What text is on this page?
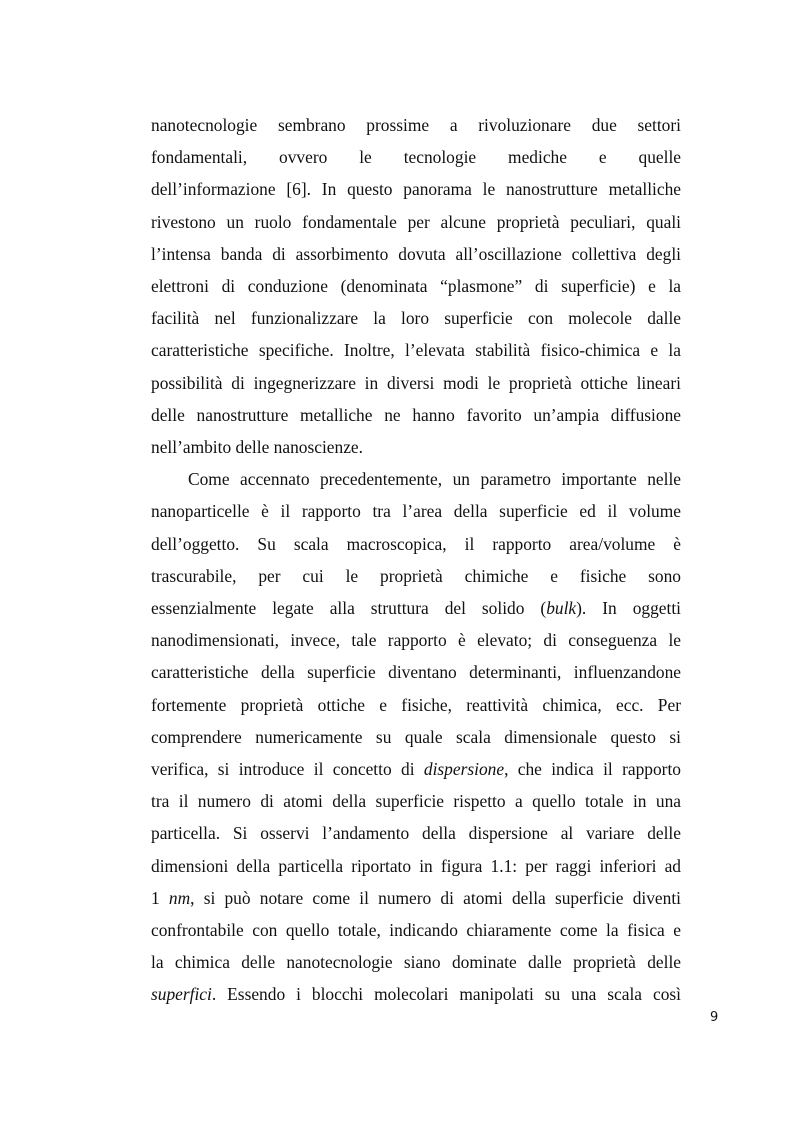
nanotecnologie sembrano prossime a rivoluzionare due settori
fondamentali, ovvero le tecnologie mediche e quelle
dell’informazione [6]. In questo panorama le nanostrutture metalliche
rivestono un ruolo fondamentale per alcune proprietà peculiari, quali
l’intensa banda di assorbimento dovuta all’oscillazione collettiva degli
elettroni di conduzione (denominata “plasmone” di superficie) e la
facilità nel funzionalizzare la loro superficie con molecole dalle
caratteristiche specifiche. Inoltre, l’elevata stabilità fisico-chimica e la
possibilità di ingegnerizzare in diversi modi le proprietà ottiche lineari
delle nanostrutture metalliche ne hanno favorito un’ampia diffusione
nell’ambito delle nanoscienze.

Come accennato precedentemente, un parametro importante nelle
nanoparticelle è il rapporto tra l’area della superficie ed il volume
dell’oggetto. Su scala macroscopica, il rapporto area/volume è
trascurabile, per cui le proprietà chimiche e fisiche sono
essenzialmente legate alla struttura del solido (bulk). In oggetti
nanodimensionati, invece, tale rapporto è elevato; di conseguenza le
caratteristiche della superficie diventano determinanti, influenzandone
fortemente proprietà ottiche e fisiche, reattività chimica, ecc. Per
comprendere numericamente su quale scala dimensionale questo si
verifica, si introduce il concetto di dispersione, che indica il rapporto
tra il numero di atomi della superficie rispetto a quello totale in una
particella. Si osservi l’andamento della dispersione al variare delle
dimensioni della particella riportato in figura 1.1: per raggi inferiori ad
1 nm, si può notare come il numero di atomi della superficie diventi
confrontabile con quello totale, indicando chiaramente come la fisica e
la chimica delle nanotecnologie siano dominate dalle proprietà delle
superfici. Essendo i blocchi molecolari manipolati su una scala così

9
